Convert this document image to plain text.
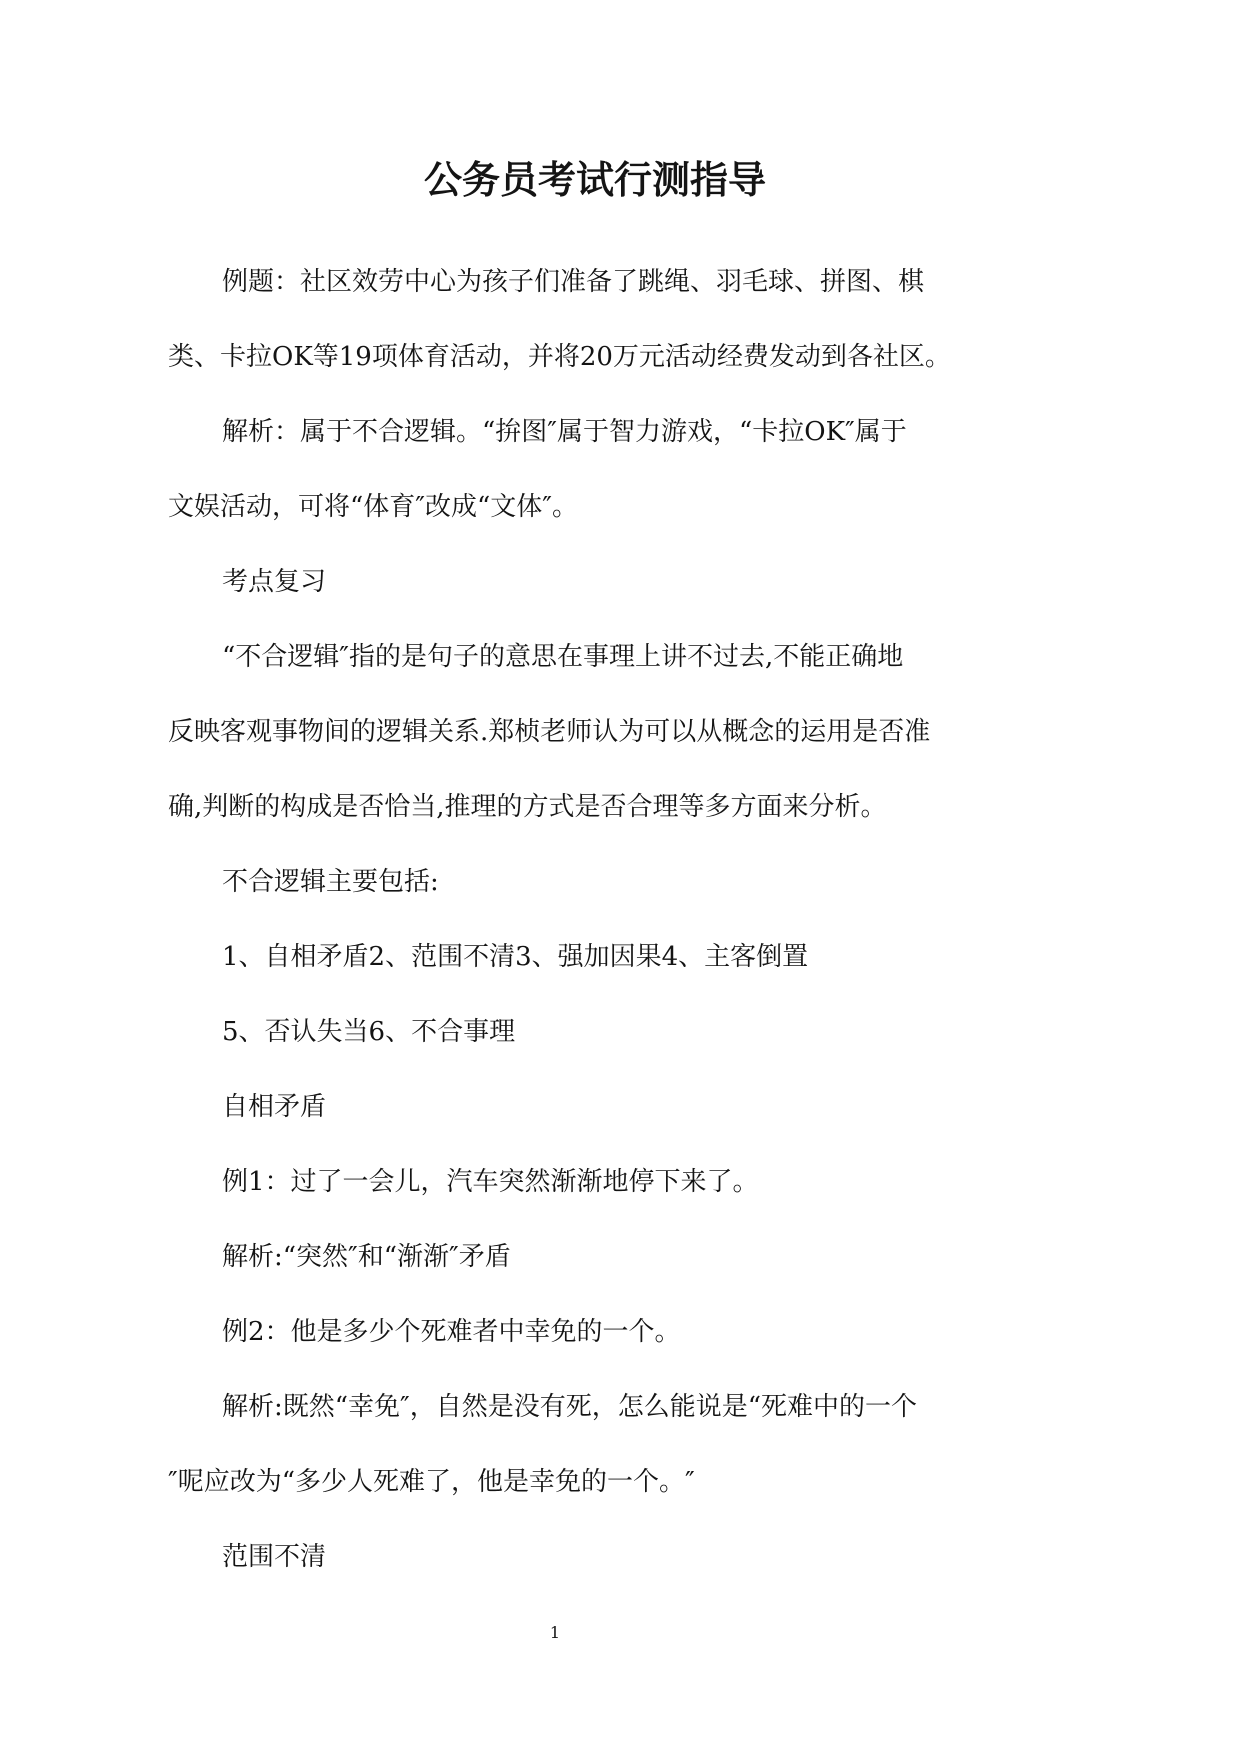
公务员考试行测指导
例题：社区效劳中心为孩子们准备了跳绳、羽毛球、拼图、棋
类、卡拉OK等19项体育活动，并将20万元活动经费发动到各社区。
解析：属于不合逻辑。“拚图″属于智力游戏，“卡拉OK″属于
文娱活动，可将“体育″改成“文体″。
考点复习
“不合逻辑″指的是句子的意思在事理上讲不过去,不能正确地
反映客观事物间的逻辑关系.郑桢老师认为可以从概念的运用是否准
确,判断的构成是否恰当,推理的方式是否合理等多方面来分析。
不合逻辑主要包括:
1、自相矛盾2、范围不清3、强加因果4、主客倒置
5、否认失当6、不合事理
自相矛盾
例1：过了一会儿，汽车突然渐渐地停下来了。
解析:“突然″和“渐渐″矛盾
例2：他是多少个死难者中幸免的一个。
解析:既然“幸免″，自然是没有死，怎么能说是“死难中的一个
″呢应改为“多少人死难了，他是幸免的一个。″
范围不清
1
